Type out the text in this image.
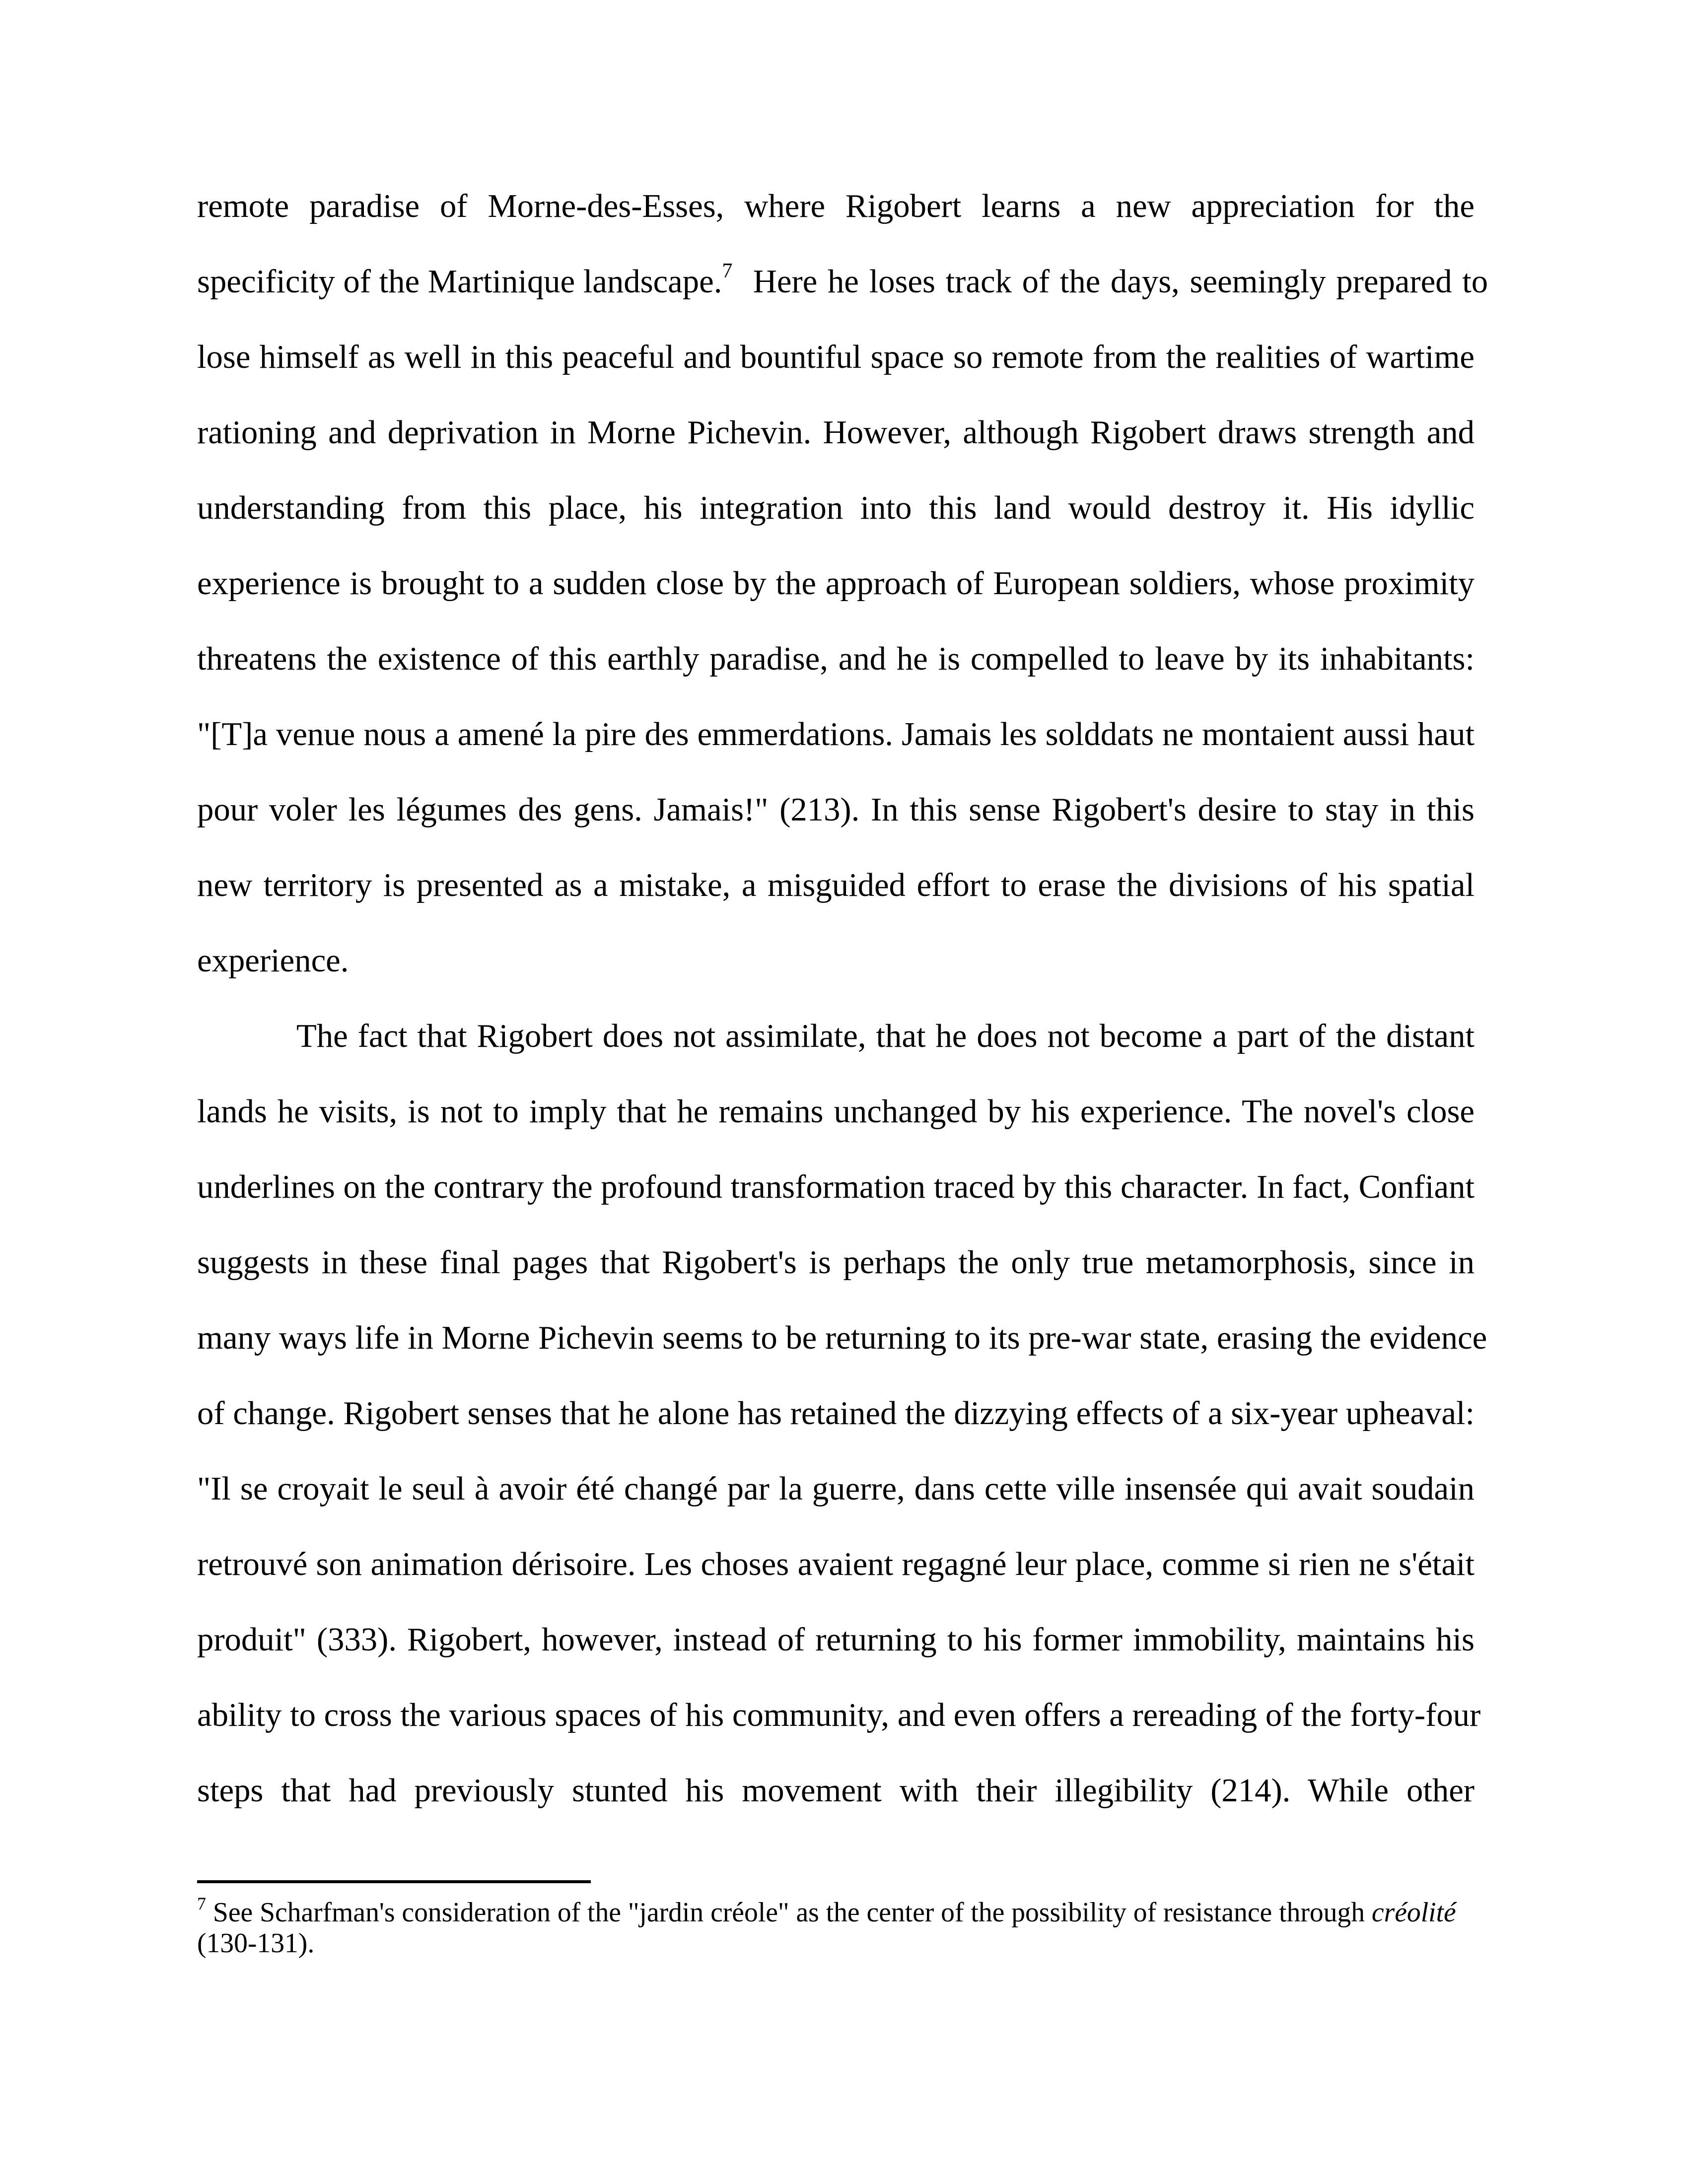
remote paradise of Morne-des-Esses, where Rigobert learns a new appreciation for the
specificity of the Martinique landscape.$^7$  Here he loses track of the days, seemingly prepared to
lose himself as well in this peaceful and bountiful space so remote from the realities of wartime
rationing and deprivation in Morne Pichevin. However, although Rigobert draws strength and
understanding from this place, his integration into this land would destroy it. His idyllic
experience is brought to a sudden close by the approach of European soldiers, whose proximity
threatens the existence of this earthly paradise, and he is compelled to leave by its inhabitants:
"[T]a venue nous a amené la pire des emmerdations. Jamais les solddats ne montaient aussi haut
pour voler les légumes des gens. Jamais!" (213). In this sense Rigobert's desire to stay in this
new territory is presented as a mistake, a misguided effort to erase the divisions of his spatial
experience.
The fact that Rigobert does not assimilate, that he does not become a part of the distant
lands he visits, is not to imply that he remains unchanged by his experience. The novel's close
underlines on the contrary the profound transformation traced by this character. In fact, Confiant
suggests in these final pages that Rigobert's is perhaps the only true metamorphosis, since in
many ways life in Morne Pichevin seems to be returning to its pre-war state, erasing the evidence
of change. Rigobert senses that he alone has retained the dizzying effects of a six-year upheaval:
"Il se croyait le seul à avoir été changé par la guerre, dans cette ville insensée qui avait soudain
retrouvé son animation dérisoire. Les choses avaient regagné leur place, comme si rien ne s'était
produit" (333). Rigobert, however, instead of returning to his former immobility, maintains his
ability to cross the various spaces of his community, and even offers a rereading of the forty-four
steps that had previously stunted his movement with their illegibility (214). While other
$^7$ See Scharfman's consideration of the "jardin créole" as the center of the possibility of resistance through créolité
(130-131).
